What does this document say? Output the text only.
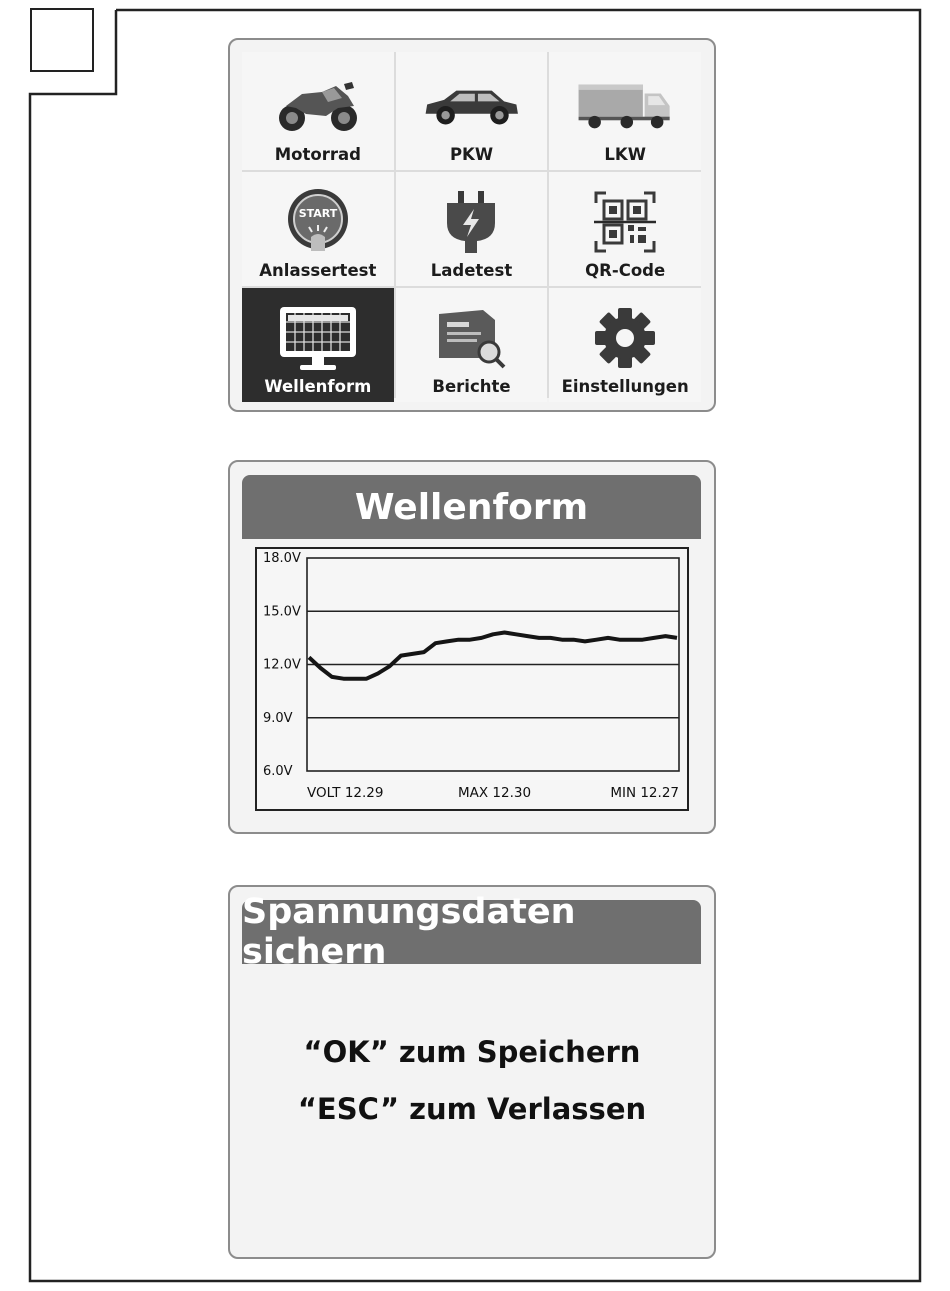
Motorrad	PKW	LKW
START
Anlassertest	Ladetest	QR-Code
Wellenform	Berichte	Einstellungen
Wellenform
18.0V
15.0V
12.0V
9.0V
6.0V
VOLT 12.29	MAX 12.30	MIN 12.27
Spannungsdaten sichern
“OK” zum Speichern
“ESC” zum Verlassen
